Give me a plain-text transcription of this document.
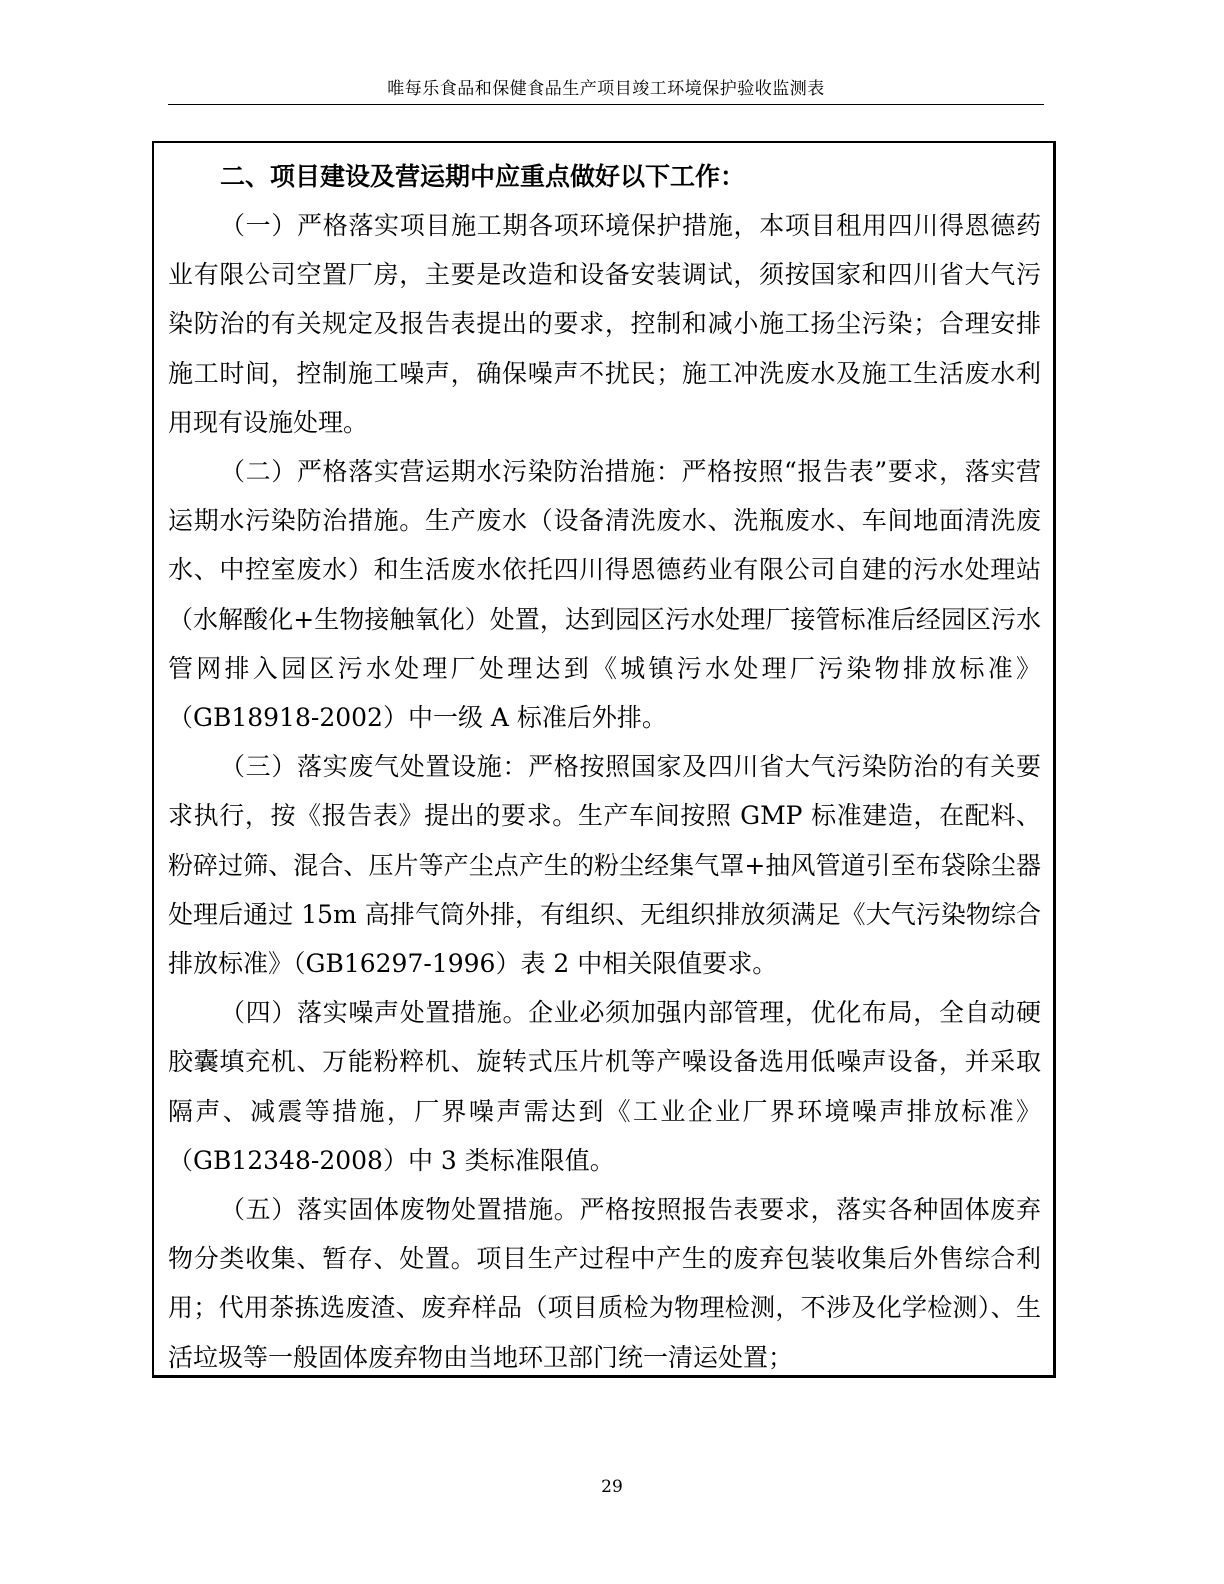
唯每乐食品和保健食品生产项目竣工环境保护验收监测表

二、项目建设及营运期中应重点做好以下工作：

（一）严格落实项目施工期各项环境保护措施，本项目租用四川得恩德药业有限公司空置厂房，主要是改造和设备安装调试，须按国家和四川省大气污染防治的有关规定及报告表提出的要求，控制和减小施工扬尘污染；合理安排施工时间，控制施工噪声，确保噪声不扰民；施工冲洗废水及施工生活废水利用现有设施处理。

（二）严格落实营运期水污染防治措施：严格按照“报告表”要求，落实营运期水污染防治措施。生产废水（设备清洗废水、洗瓶废水、车间地面清洗废水、中控室废水）和生活废水依托四川得恩德药业有限公司自建的污水处理站（水解酸化+生物接触氧化）处置，达到园区污水处理厂接管标准后经园区污水管网排入园区污水处理厂处理达到《城镇污水处理厂污染物排放标准》（GB18918-2002）中一级 A 标准后外排。

（三）落实废气处置设施：严格按照国家及四川省大气污染防治的有关要求执行，按《报告表》提出的要求。生产车间按照 GMP 标准建造，在配料、粉碎过筛、混合、压片等产尘点产生的粉尘经集气罩+抽风管道引至布袋除尘器处理后通过 15m 高排气筒外排，有组织、无组织排放须满足《大气污染物综合排放标准》（GB16297-1996）表 2 中相关限值要求。

（四）落实噪声处置措施。企业必须加强内部管理，优化布局，全自动硬胶囊填充机、万能粉粹机、旋转式压片机等产噪设备选用低噪声设备，并采取隔声、减震等措施，厂界噪声需达到《工业企业厂界环境噪声排放标准》（GB12348-2008）中 3 类标准限值。

（五）落实固体废物处置措施。严格按照报告表要求，落实各种固体废弃物分类收集、暂存、处置。项目生产过程中产生的废弃包装收集后外售综合利用；代用茶拣选废渣、废弃样品（项目质检为物理检测，不涉及化学检测）、生活垃圾等一般固体废弃物由当地环卫部门统一清运处置；

29
